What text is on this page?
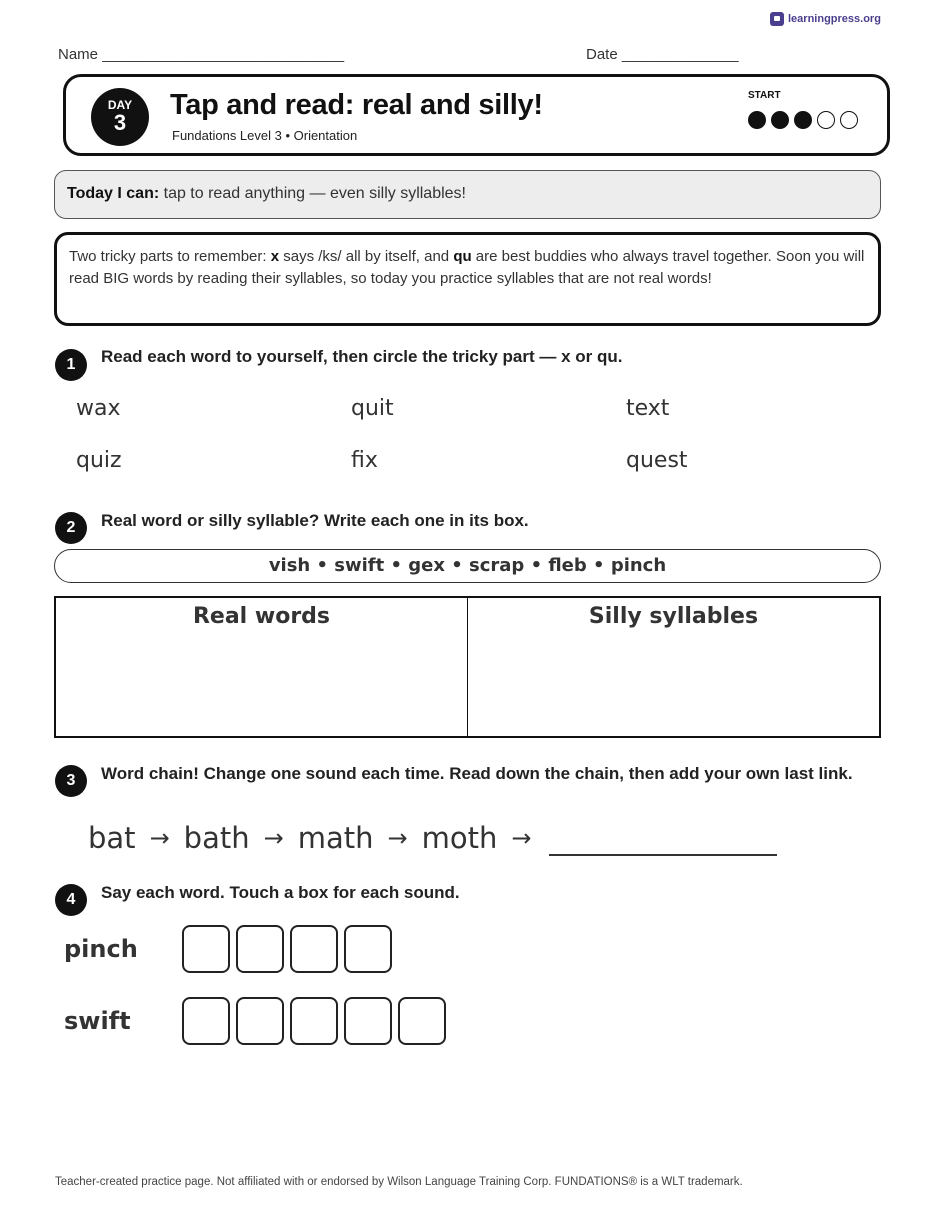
learningpress.org
Name _____________________________	Date ______________
DAY
3
Tap and read: real and silly!
Fundations Level 3 • Orientation
START
Today I can: tap to read anything — even silly syllables!
Two tricky parts to remember: x says /ks/ all by itself, and qu are best buddies who always travel together. Soon you will read BIG words by reading their syllables, so today you practice syllables that are not real words!
1	Read each word to yourself, then circle the tricky part — x or qu.
wax	quit	text
quiz	fix	quest
2	Real word or silly syllable? Write each one in its box.
vish • swift • gex • scrap • fleb • pinch
Real words	Silly syllables
3	Word chain! Change one sound each time. Read down the chain, then add your own last link.
bat → bath → math → moth →
4	Say each word. Touch a box for each sound.
pinch
swift
Teacher-created practice page. Not affiliated with or endorsed by Wilson Language Training Corp. FUNDATIONS® is a WLT trademark.
